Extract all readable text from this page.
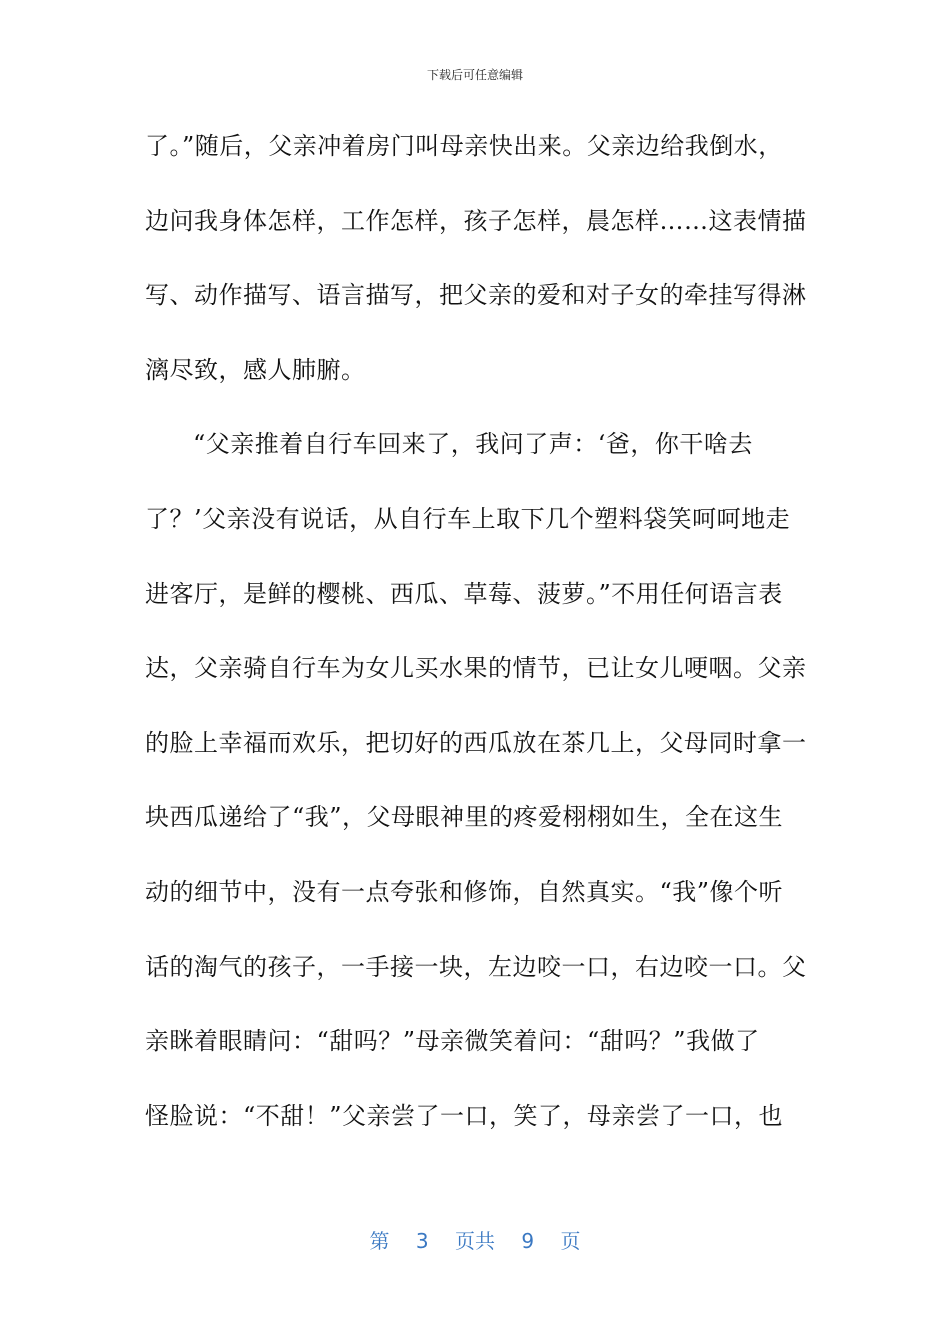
下载后可任意编辑
了。”随后，父亲冲着房门叫母亲快出来。父亲边给我倒水，
边问我身体怎样，工作怎样，孩子怎样，晨怎样……这表情描
写、动作描写、语言描写，把父亲的爱和对子女的牵挂写得淋
漓尽致，感人肺腑。
“父亲推着自行车回来了，我问了声：‘爸，你干啥去
了？’父亲没有说话，从自行车上取下几个塑料袋笑呵呵地走
进客厅，是鲜的樱桃、西瓜、草莓、菠萝。”不用任何语言表
达，父亲骑自行车为女儿买水果的情节，已让女儿哽咽。父亲
的脸上幸福而欢乐，把切好的西瓜放在茶几上，父母同时拿一
块西瓜递给了“我”，父母眼神里的疼爱栩栩如生，全在这生
动的细节中，没有一点夸张和修饰，自然真实。“我”像个听
话的淘气的孩子，一手接一块，左边咬一口，右边咬一口。父
亲眯着眼睛问：“甜吗？”母亲微笑着问：“甜吗？”我做了
怪脸说：“不甜！”父亲尝了一口，笑了，母亲尝了一口，也
第 3 页共 9 页
